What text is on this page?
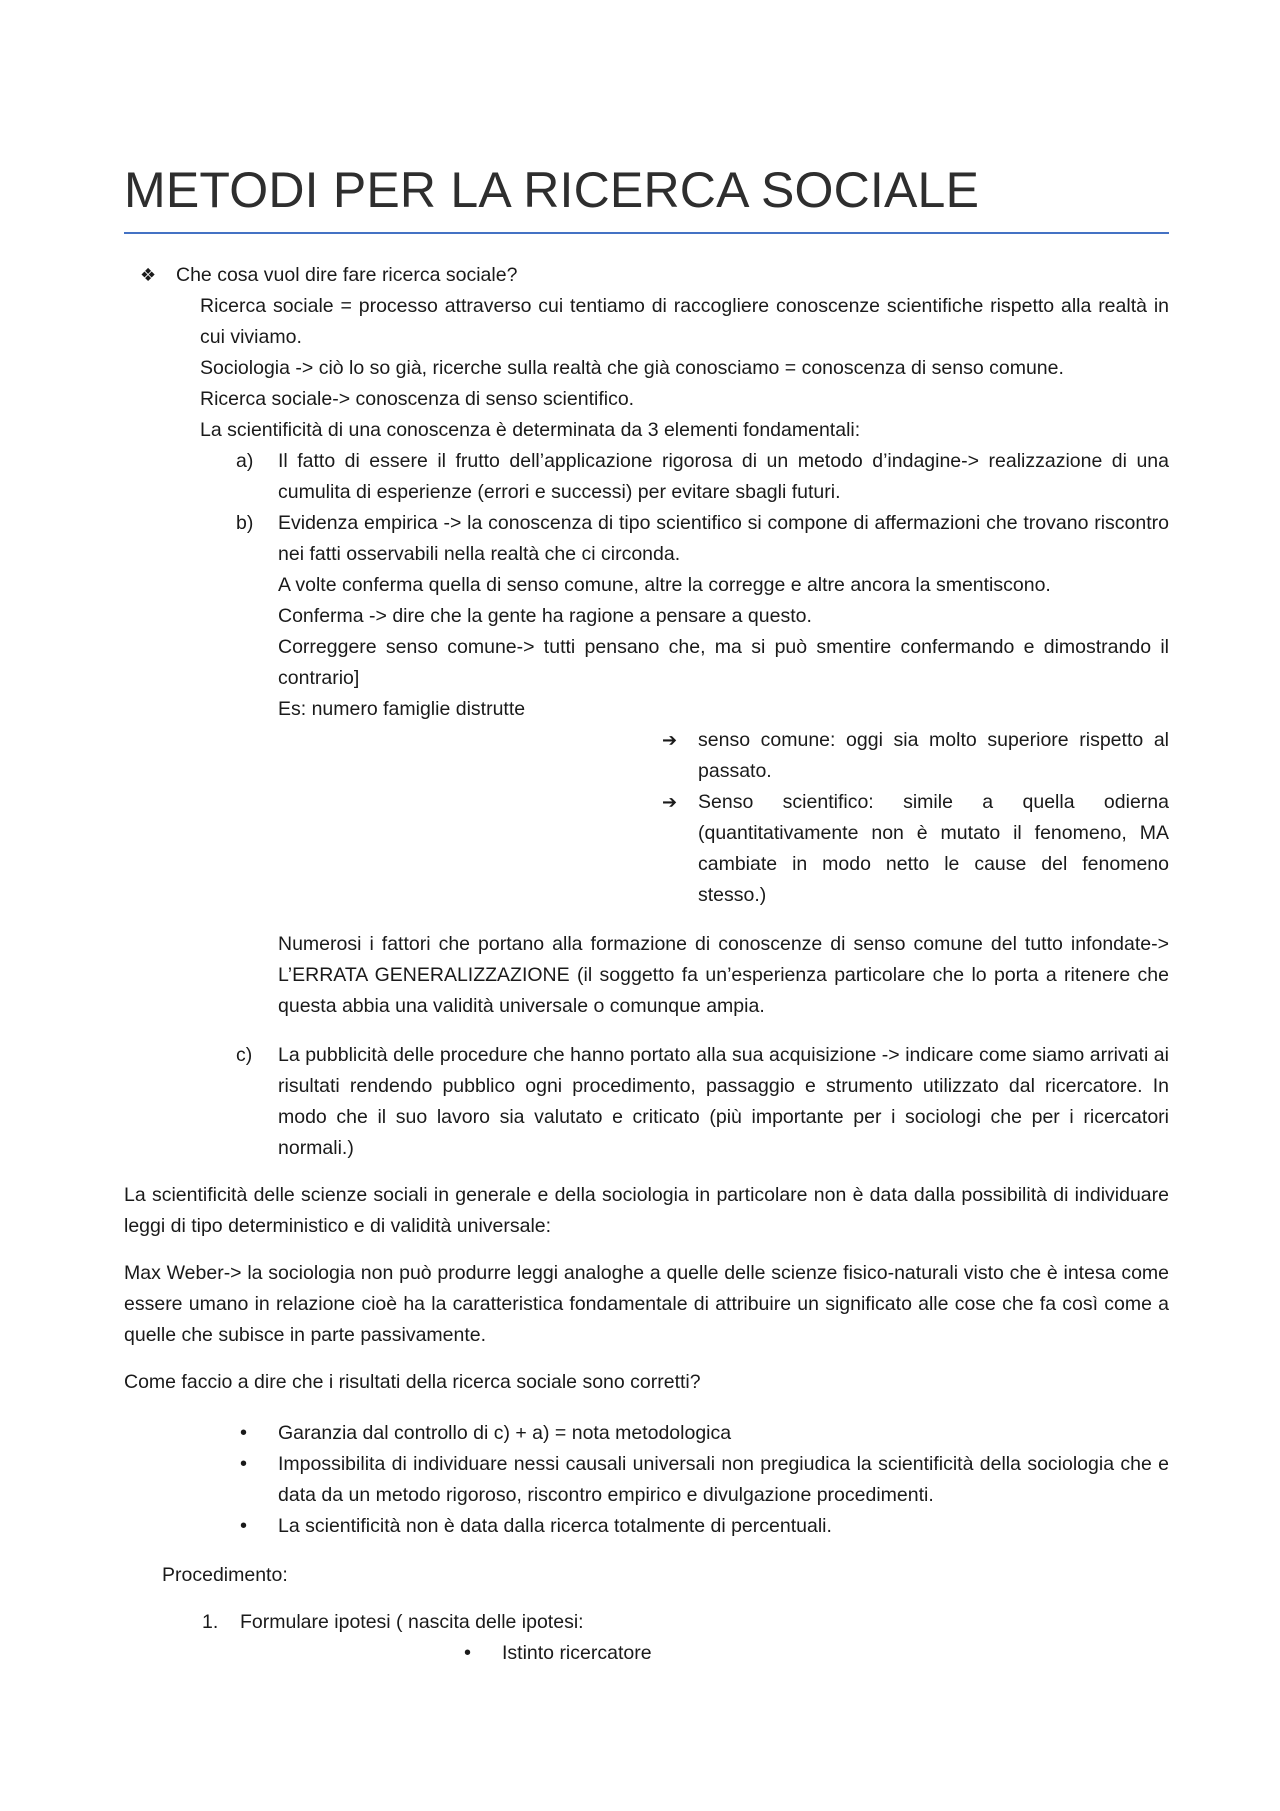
METODI PER LA RICERCA SOCIALE
❖ Che cosa vuol dire fare ricerca sociale?

Ricerca sociale = processo attraverso cui tentiamo di raccogliere conoscenze scientifiche rispetto alla realtà in cui viviamo.

Sociologia -> ciò lo so già, ricerche sulla realtà che già conosciamo = conoscenza di senso comune.

Ricerca sociale-> conoscenza di senso scientifico.

La scientificità di una conoscenza è determinata da 3 elementi fondamentali:

a) Il fatto di essere il frutto dell’applicazione rigorosa di un metodo d’indagine-> realizzazione di una cumulita di esperienze (errori e successi) per evitare sbagli futuri.

b) Evidenza empirica -> la conoscenza di tipo scientifico si compone di affermazioni che trovano riscontro nei fatti osservabili nella realtà che ci circonda.

A volte conferma quella di senso comune, altre la corregge e altre ancora la smentiscono.

Conferma -> dire che la gente ha ragione a pensare a questo.

Correggere senso comune-> tutti pensano che, ma si può smentire confermando e dimostrando il contrario]

Es: numero famiglie distrutte

➔ senso comune: oggi sia molto superiore rispetto al passato.

➔ Senso scientifico: simile a quella odierna (quantitativamente non è mutato il fenomeno, MA cambiate in modo netto le cause del fenomeno stesso.)

Numerosi i fattori che portano alla formazione di conoscenze di senso comune del tutto infondate-> L’ERRATA GENERALIZZAZIONE (il soggetto fa un’esperienza particolare che lo porta a ritenere che questa abbia una validità universale o comunque ampia.

c) La pubblicità delle procedure che hanno portato alla sua acquisizione -> indicare come siamo arrivati ai risultati rendendo pubblico ogni procedimento, passaggio e strumento utilizzato dal ricercatore. In modo che il suo lavoro sia valutato e criticato (più importante per i sociologi che per i ricercatori normali.)

La scientificità delle scienze sociali in generale e della sociologia in particolare non è data dalla possibilità di individuare leggi di tipo deterministico e di validità universale:

Max Weber-> la sociologia non può produrre leggi analoghe a quelle delle scienze fisico-naturali visto che è intesa come essere umano in relazione cioè ha la caratteristica fondamentale di attribuire un significato alle cose che fa così come a quelle che subisce in parte passivamente.

Come faccio a dire che i risultati della ricerca sociale sono corretti?

• Garanzia dal controllo di c) + a) = nota metodologica

• Impossibilita di individuare nessi causali universali non pregiudica la scientificità della sociologia che e data da un metodo rigoroso, riscontro empirico e divulgazione procedimenti.

• La scientificità non è data dalla ricerca totalmente di percentuali.

Procedimento:

1. Formulare ipotesi ( nascita delle ipotesi:

• Istinto ricercatore
